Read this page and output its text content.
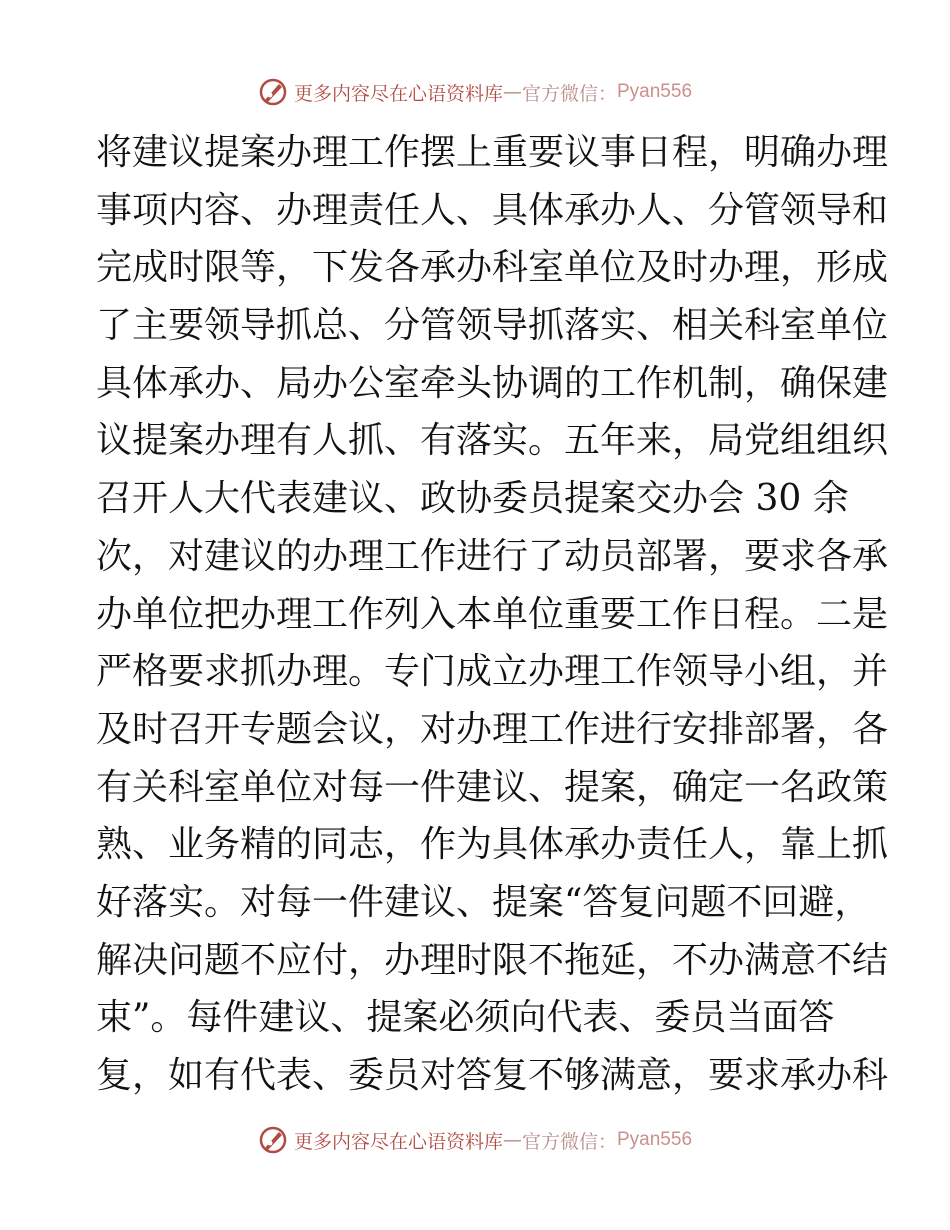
更多内容尽在心语资料库 — 官方微信： Pyan556
将建议提案办理工作摆上重要议事日程，明确办理
事项内容、办理责任人、具体承办人、分管领导和
完成时限等，下发各承办科室单位及时办理，形成
了主要领导抓总、分管领导抓落实、相关科室单位
具体承办、局办公室牵头协调的工作机制，确保建
议提案办理有人抓、有落实。五年来，局党组组织
召开人大代表建议、政协委员提案交办会 30 余
次，对建议的办理工作进行了动员部署，要求各承
办单位把办理工作列入本单位重要工作日程。二是
严格要求抓办理。专门成立办理工作领导小组，并
及时召开专题会议，对办理工作进行安排部署，各
有关科室单位对每一件建议、提案，确定一名政策
熟、业务精的同志，作为具体承办责任人，靠上抓
好落实。对每一件建议、提案“答复问题不回避，
解决问题不应付，办理时限不拖延，不办满意不结
束”。每件建议、提案必须向代表、委员当面答
复，如有代表、委员对答复不够满意，要求承办科
更多内容尽在心语资料库 — 官方微信： Pyan556
